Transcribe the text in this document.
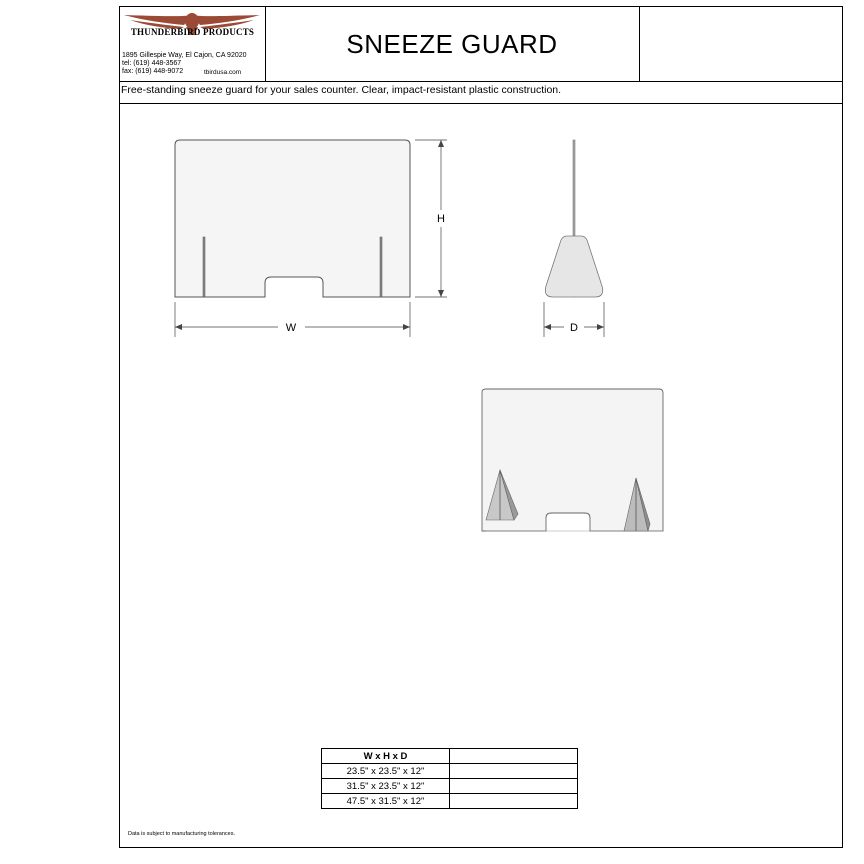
THUNDERBIRD PRODUCTS
1895 Gillespie Way, El Cajon, CA 92020
tel: (619) 448-3567
fax: (619) 448-9072	tbirdusa.com
SNEEZE GUARD
Free-standing sneeze guard for your sales counter. Clear, impact-resistant plastic construction.
W
H
D
W x H x D	
23.5" x 23.5" x 12"	
31.5" x 23.5" x 12"	
47.5" x 31.5" x 12"	
Data is subject to manufacturing tolerances.
